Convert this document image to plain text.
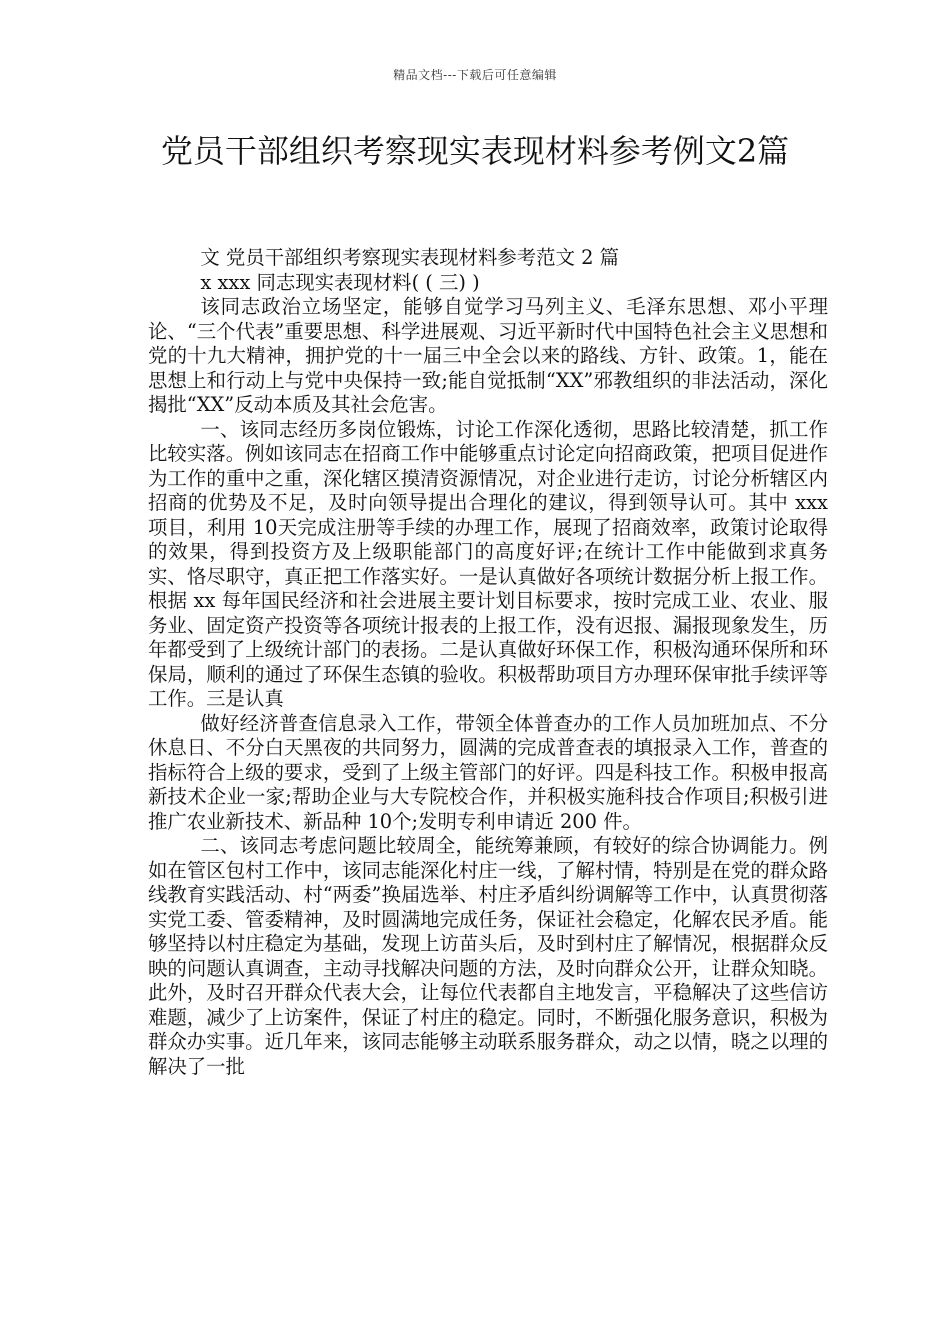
精品文档---下载后可任意编辑
党员干部组织考察现实表现材料参考例文2篇

文 党员干部组织考察现实表现材料参考范文 2 篇

x xxx 同志现实表现材料( ( 三) )

该同志政治立场坚定，能够自觉学习马列主义、毛泽东思想、邓小平理论、“三个代表”重要思想、科学进展观、习近平新时代中国特色社会主义思想和党的十九大精神，拥护党的十一届三中全会以来的路线、方针、政策。1，能在思想上和行动上与党中央保持一致;能自觉抵制“XX”邪教组织的非法活动，深化揭批“XX”反动本质及其社会危害。

一、该同志经历多岗位锻炼，讨论工作深化透彻，思路比较清楚，抓工作比较实落。例如该同志在招商工作中能够重点讨论定向招商政策，把项目促进作为工作的重中之重，深化辖区摸清资源情况，对企业进行走访，讨论分析辖区内招商的优势及不足，及时向领导提出合理化的建议，得到领导认可。其中 xxx 项目，利用 10天完成注册等手续的办理工作，展现了招商效率，政策讨论取得的效果，得到投资方及上级职能部门的高度好评;在统计工作中能做到求真务实、恪尽职守，真正把工作落实好。一是认真做好各项统计数据分析上报工作。根据 xx 每年国民经济和社会进展主要计划目标要求，按时完成工业、农业、服务业、固定资产投资等各项统计报表的上报工作，没有迟报、漏报现象发生，历年都受到了上级统计部门的表扬。二是认真做好环保工作，积极沟通环保所和环保局，顺利的通过了环保生态镇的验收。积极帮助项目方办理环保审批手续评等工作。三是认真

做好经济普查信息录入工作，带领全体普查办的工作人员加班加点、不分休息日、不分白天黑夜的共同努力，圆满的完成普查表的填报录入工作，普查的指标符合上级的要求，受到了上级主管部门的好评。四是科技工作。积极申报高新技术企业一家;帮助企业与大专院校合作，并积极实施科技合作项目;积极引进推广农业新技术、新品种 10个;发明专利申请近 200 件。

二、该同志考虑问题比较周全，能统筹兼顾，有较好的综合协调能力。例如在管区包村工作中，该同志能深化村庄一线，了解村情，特别是在党的群众路线教育实践活动、村“两委”换届选举、村庄矛盾纠纷调解等工作中，认真贯彻落实党工委、管委精神，及时圆满地完成任务，保证社会稳定，化解农民矛盾。能够坚持以村庄稳定为基础，发现上访苗头后，及时到村庄了解情况，根据群众反映的问题认真调查，主动寻找解决问题的方法，及时向群众公开，让群众知晓。此外，及时召开群众代表大会，让每位代表都自主地发言，平稳解决了这些信访难题，减少了上访案件，保证了村庄的稳定。同时，不断强化服务意识，积极为群众办实事。近几年来，该同志能够主动联系服务群众，动之以情，晓之以理的解决了一批
